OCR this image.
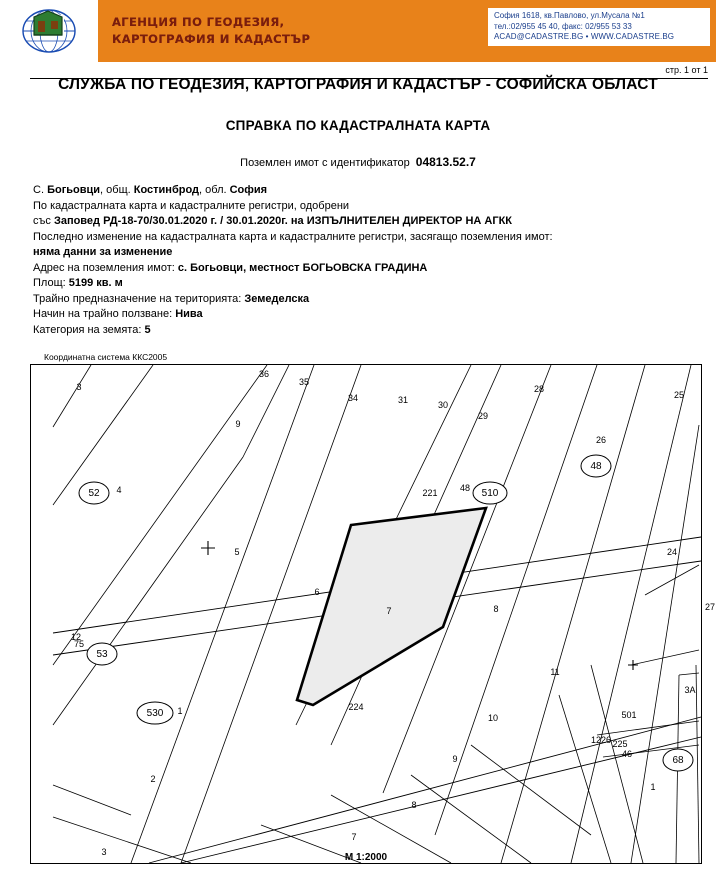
АГЕНЦИЯ ПО ГЕОДЕЗИЯ,
КАРТОГРАФИЯ И КАДАСТЪР
София 1618, кв.Павлово, ул.Мусала №1
тел.:02/955 45 40, факс: 02/955 53 33
ACAD@CADASTRE.BG • WWW.CADASTRE.BG
стр. 1 от 1
СЛУЖБА ПО ГЕОДЕЗИЯ, КАРТОГРАФИЯ И КАДАСТЪР - СОФИЙСКА ОБЛАСТ
СПРАВКА ПО КАДАСТРАЛНАТА КАРТА
Поземлен имот с идентификатор 04813.52.7
С. Богьовци, общ. Костинброд, обл. София
По кадастралната карта и кадастралните регистри, одобрени
със Заповед РД-18-70/30.01.2020 г. / 30.01.2020г. на ИЗПЪЛНИТЕЛЕН ДИРЕКТОР НА АГКК
Последно изменение на кадастралната карта и кадастралните регистри, засягащо поземления имот:
няма данни за изменение
Адрес на поземления имот: с. Богьовци, местност БОГЬОВСКА ГРАДИНА
Площ: 5199 кв. м
Трайно предназначение на територията: Земеделска
Начин на трайно ползване: Нива
Категория на земята: 5
Координатна система ККС2005
3
36
35
34	31	30
29
28
25
26
9
4	221 48
5	24
6
7	8	27
12
75
11
3A
1	224
10	501
1226 225
46
2
9
1
8
7
3
48
510
52
53
530
68
М 1:2000
